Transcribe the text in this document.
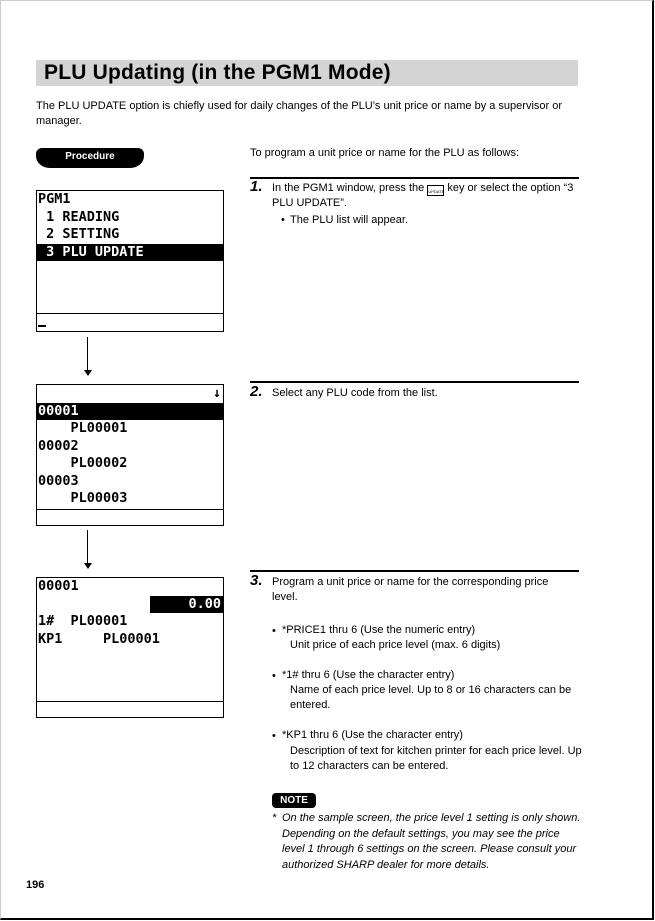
PLU Updating (in the PGM1 Mode)
The PLU UPDATE option is chiefly used for daily changes of the PLU’s unit price or name by a supervisor or manager.
Procedure	To program a unit price or name for the PLU as follows:
PGM1
1 READING
2 SETTING
3 PLU UPDATE

↓

00001
PL00001
00002
PL00002
00003
PL00003
00001

0.00

1#  PL00001
KP1     PL00001
1. In the PGM1 window, press the UPDATE key or select the option “3 PLU UPDATE”.
• The PLU list will appear.
2. Select any PLU code from the list.
3. Program a unit price or name for the corresponding price level.
• *PRICE1 thru 6 (Use the numeric entry)
Unit price of each price level (max. 6 digits)
• *1# thru 6 (Use the character entry)
Name of each price level. Up to 8 or 16 characters can be entered.
• *KP1 thru 6 (Use the character entry)
Description of text for kitchen printer for each price level. Up to 12 characters can be entered.
NOTE
* On the sample screen, the price level 1 setting is only shown. Depending on the default settings, you may see the price level 1 through 6 settings on the screen. Please consult your authorized SHARP dealer for more details.
196
